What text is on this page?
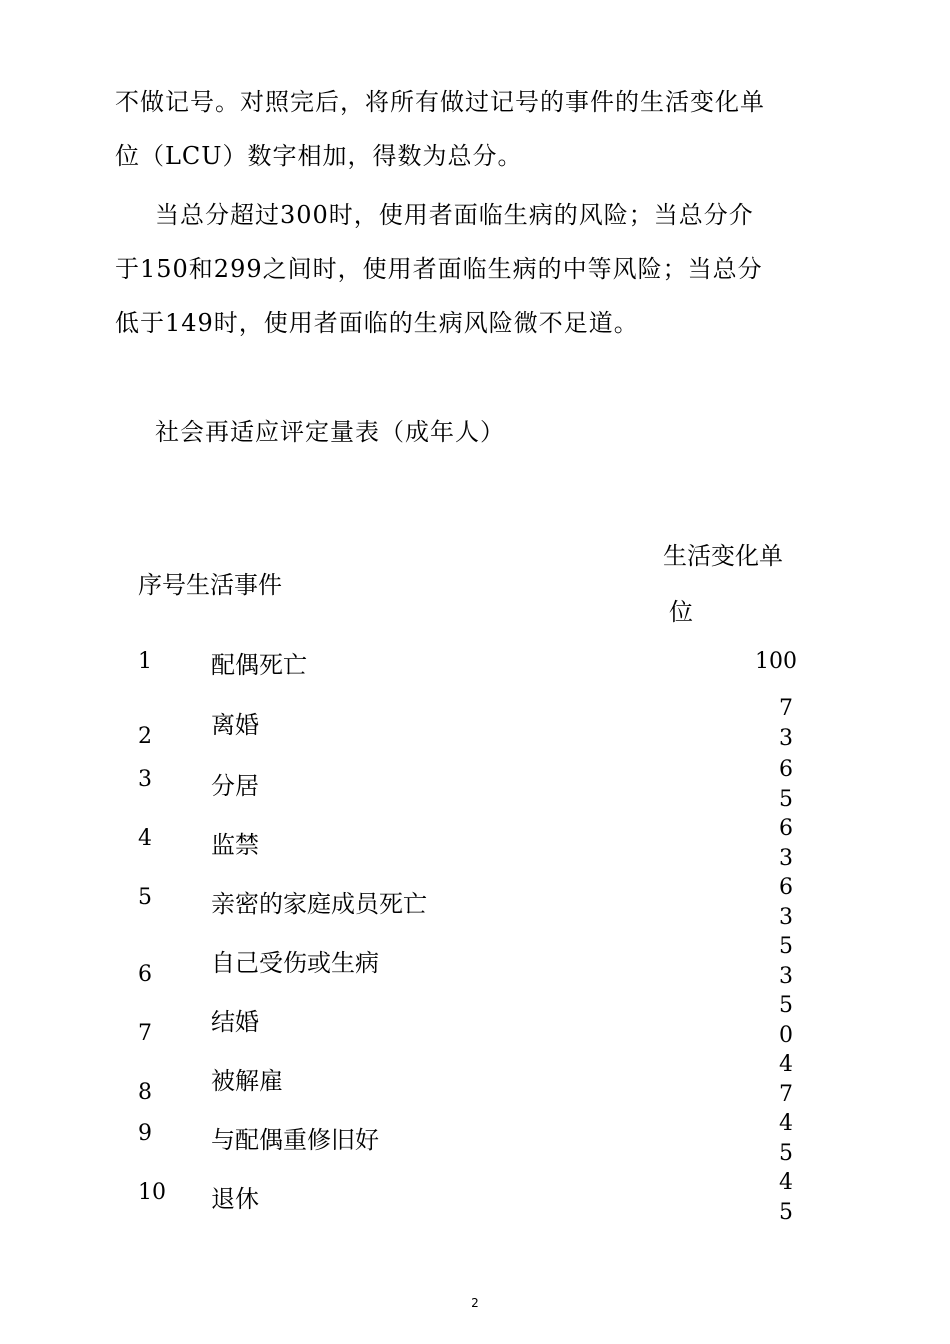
不做记号。对照完后，将所有做过记号的事件的生活变化单
位（LCU）数字相加，得数为总分。
当总分超过300时，使用者面临生病的风险；当总分介
于150和299之间时，使用者面临生病的中等风险；当总分
低于149时，使用者面临的生病风险微不足道。
社会再适应评定量表（成年人）
序号生活事件
生活变化单
位
1 配偶死亡	100
2 离婚
73
3 分居
65
4 监禁
63
5 亲密的家庭成员死亡
63
6 自己受伤或生病
53
7 结婚
50
8 被解雇
47
9 与配偶重修旧好
45
10 退休
45
2
